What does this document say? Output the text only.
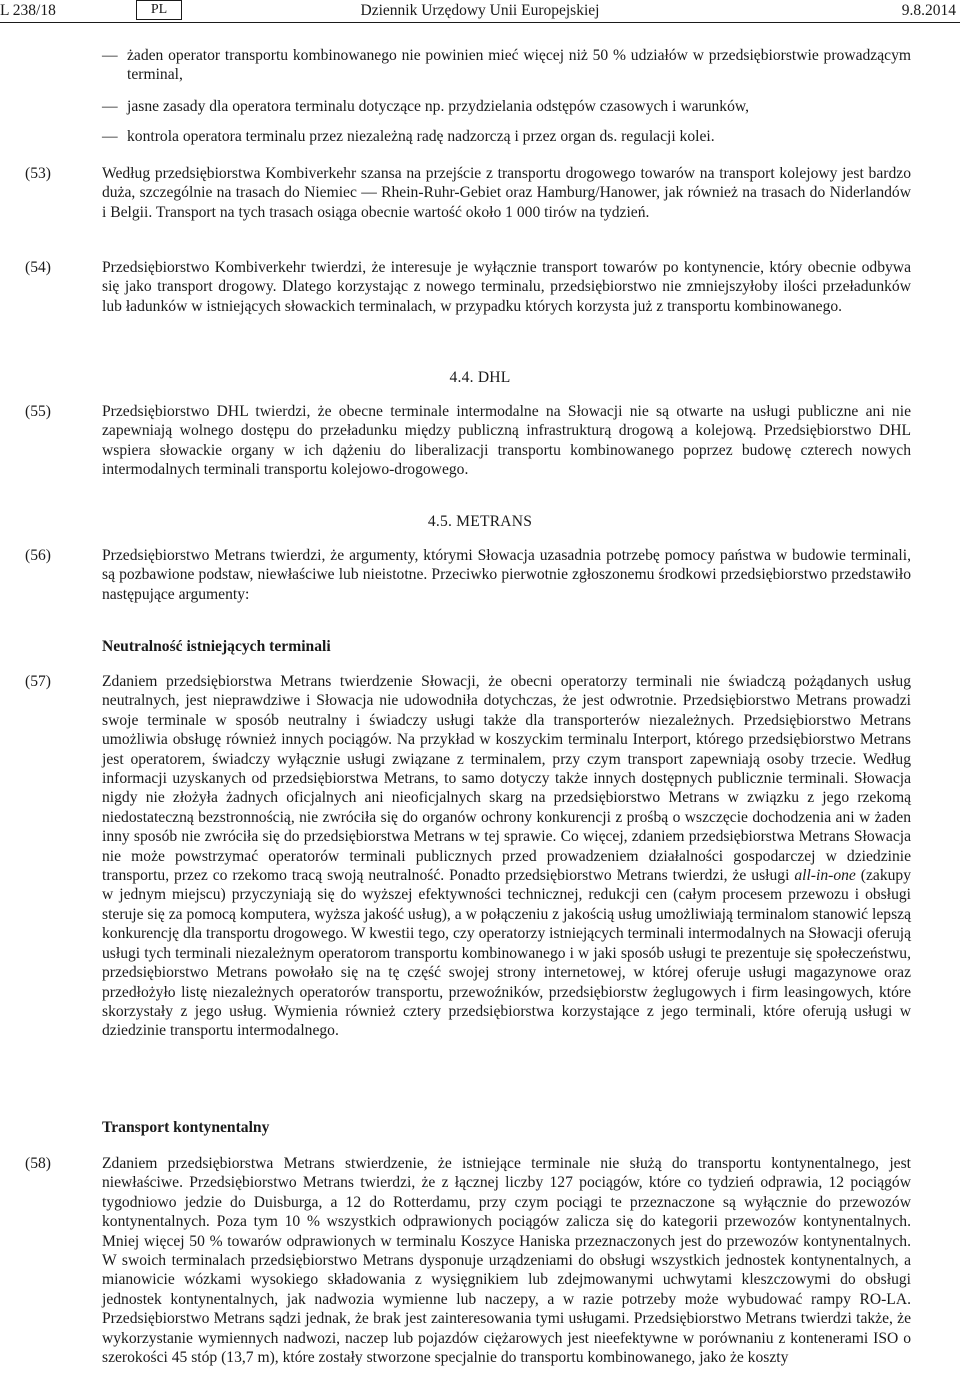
L 238/18	PL	Dziennik Urzędowy Unii Europejskiej	9.8.2014
— żaden operator transportu kombinowanego nie powinien mieć więcej niż 50 % udziałów w przedsiębiorstwie prowadzącym terminal,
— jasne zasady dla operatora terminalu dotyczące np. przydzielania odstępów czasowych i warunków,
— kontrola operatora terminalu przez niezależną radę nadzorczą i przez organ ds. regulacji kolei.
(53)	Według przedsiębiorstwa Kombiverkehr szansa na przejście z transportu drogowego towarów na transport kolejowy jest bardzo duża, szczególnie na trasach do Niemiec — Rhein-Ruhr-Gebiet oraz Hamburg/Hanower, jak również na trasach do Niderlandów i Belgii. Transport na tych trasach osiąga obecnie wartość około 1 000 tirów na tydzień.
(54)	Przedsiębiorstwo Kombiverkehr twierdzi, że interesuje je wyłącznie transport towarów po kontynencie, który obecnie odbywa się jako transport drogowy. Dlatego korzystając z nowego terminalu, przedsiębiorstwo nie zmniejszyłoby ilości przeładunków lub ładunków w istniejących słowackich terminalach, w przypadku których korzysta już z transportu kombinowanego.
4.4. DHL
(55)	Przedsiębiorstwo DHL twierdzi, że obecne terminale intermodalne na Słowacji nie są otwarte na usługi publiczne ani nie zapewniają wolnego dostępu do przeładunku między publiczną infrastrukturą drogową a kolejową. Przedsiębiorstwo DHL wspiera słowackie organy w ich dążeniu do liberalizacji transportu kombinowanego poprzez budowę czterech nowych intermodalnych terminali transportu kolejowo-drogowego.
4.5. METRANS
(56)	Przedsiębiorstwo Metrans twierdzi, że argumenty, którymi Słowacja uzasadnia potrzebę pomocy państwa w budowie terminali, są pozbawione podstaw, niewłaściwe lub nieistotne. Przeciwko pierwotnie zgłoszonemu środkowi przedsiębiorstwo przedstawiło następujące argumenty:
Neutralność istniejących terminali
(57)	Zdaniem przedsiębiorstwa Metrans twierdzenie Słowacji, że obecni operatorzy terminali nie świadczą pożądanych usług neutralnych, jest nieprawdziwe i Słowacja nie udowodniła dotychczas, że jest odwrotnie. Przedsiębiorstwo Metrans prowadzi swoje terminale w sposób neutralny i świadczy usługi także dla transporterów niezależnych. Przedsiębiorstwo Metrans umożliwia obsługę również innych pociągów. Na przykład w koszyckim terminalu Interport, którego przedsiębiorstwo Metrans jest operatorem, świadczy wyłącznie usługi związane z terminalem, przy czym transport zapewniają osoby trzecie. Według informacji uzyskanych od przedsiębiorstwa Metrans, to samo dotyczy także innych dostępnych publicznie terminali. Słowacja nigdy nie złożyła żadnych oficjalnych ani nieoficjalnych skarg na przedsiębiorstwo Metrans w związku z jego rzekomą niedostateczną bezstronnością, nie zwróciła się do organów ochrony konkurencji z prośbą o wszczęcie dochodzenia ani w żaden inny sposób nie zwróciła się do przedsiębiorstwa Metrans w tej sprawie. Co więcej, zdaniem przedsiębiorstwa Metrans Słowacja nie może powstrzymać operatorów terminali publicznych przed prowadzeniem działalności gospodarczej w dziedzinie transportu, przez co rzekomo tracą swoją neutralność. Ponadto przedsiębiorstwo Metrans twierdzi, że usługi all-in-one (zakupy w jednym miejscu) przyczyniają się do wyższej efektywności technicznej, redukcji cen (całym procesem przewozu i obsługi steruje się za pomocą komputera, wyższa jakość usług), a w połączeniu z jakością usług umożliwiają terminalom stanowić lepszą konkurencję dla transportu drogowego. W kwestii tego, czy operatorzy istniejących terminali intermodalnych na Słowacji oferują usługi tych terminali niezależnym operatorom transportu kombinowanego i w jaki sposób usługi te prezentuje się społeczeństwu, przedsiębiorstwo Metrans powołało się na tę część swojej strony internetowej, w której oferuje usługi magazynowe oraz przedłożyło listę niezależnych operatorów transportu, przewoźników, przedsiębiorstw żeglugowych i firm leasingowych, które skorzystały z jego usług. Wymienia również cztery przedsiębiorstwa korzystające z jego terminali, które oferują usługi w dziedzinie transportu intermodalnego.
Transport kontynentalny
(58)	Zdaniem przedsiębiorstwa Metrans stwierdzenie, że istniejące terminale nie służą do transportu kontynentalnego, jest niewłaściwe. Przedsiębiorstwo Metrans twierdzi, że z łącznej liczby 127 pociągów, które co tydzień odprawia, 12 pociągów tygodniowo jedzie do Duisburga, a 12 do Rotterdamu, przy czym pociągi te przeznaczone są wyłącznie do przewozów kontynentalnych. Poza tym 10 % wszystkich odprawionych pociągów zalicza się do kategorii przewozów kontynentalnych. Mniej więcej 50 % towarów odprawionych w terminalu Koszyce Haniska przeznaczonych jest do przewozów kontynentalnych. W swoich terminalach przedsiębiorstwo Metrans dysponuje urządzeniami do obsługi wszystkich jednostek kontynentalnych, a mianowicie wózkami wysokiego składowania z wysięgnikiem lub zdejmowanymi uchwytami kleszczowymi do obsługi jednostek kontynentalnych, jak nadwozia wymienne lub naczepy, a w razie potrzeby może wybudować rampy RO-LA. Przedsiębiorstwo Metrans sądzi jednak, że brak jest zainteresowania tymi usługami. Przedsiębiorstwo Metrans twierdzi także, że wykorzystanie wymiennych nadwozi, naczep lub pojazdów ciężarowych jest nieefektywne w porównaniu z kontenerami ISO o szerokości 45 stóp (13,7 m), które zostały stworzone specjalnie do transportu kombinowanego, jako że koszty
